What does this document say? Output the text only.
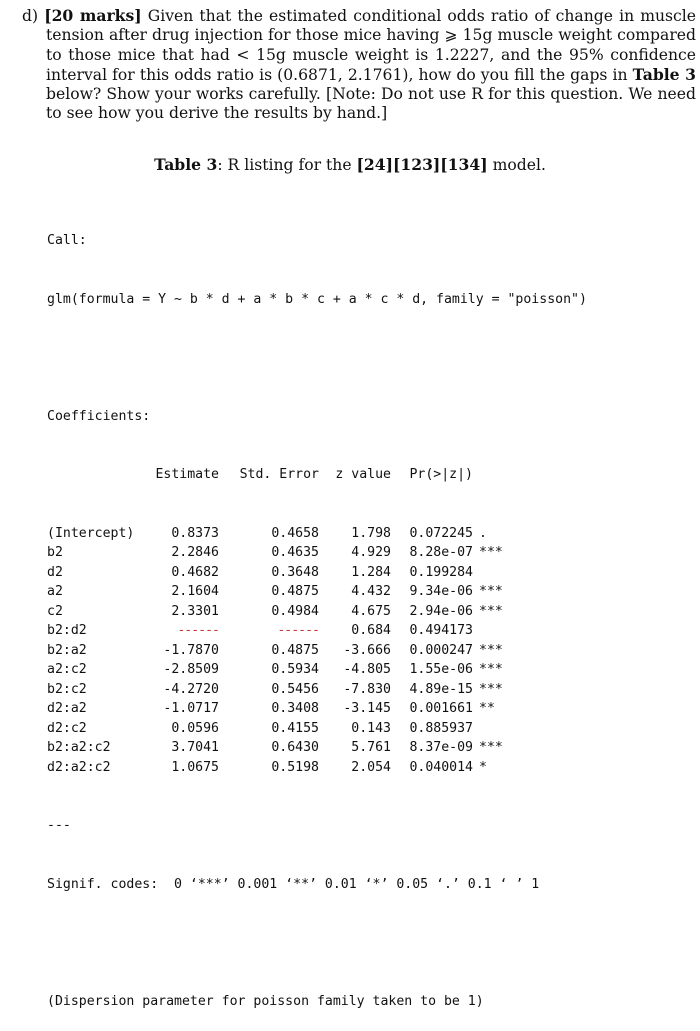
d) [20 marks] Given that the estimated conditional odds ratio of change in muscle tension after drug injection for those mice having ⩾ 15g muscle weight compared to those mice that had < 15g muscle weight is 1.2227, and the 95% confidence interval for this odds ratio is (0.6871, 2.1761), how do you fill the gaps in Table 3 below? Show your works carefully. [Note: Do not use R for this question. We need to see how you derive the results by hand.]
Table 3: R listing for the [24][123][134] model.

Call:

glm(formula = Y ~ b * d + a * b * c + a * c * d, family = "poisson")

Coefficients:

Estimate Std. Error z value Pr(>|z|)

(Intercept)	0.8373	0.4658 1.798 0.072245 .
b2	2.2846	0.4635 4.929 8.28e-07 ***
d2	0.4682	0.3648 1.284 0.199284
a2	2.1604	0.4875 4.432 9.34e-06 ***
c2	2.3301	0.4984 4.675 2.94e-06 ***
b2:d2	------	------ 0.684 0.494173
b2:a2	-1.7870	0.4875 -3.666 0.000247 ***
a2:c2	-2.8509	0.5934 -4.805 1.55e-06 ***
b2:c2	-4.2720	0.5456 -7.830 4.89e-15 ***
d2:a2	-1.0717	0.3408 -3.145 0.001661 **
d2:c2	0.0596	0.4155 0.143 0.885937
b2:a2:c2	3.7041	0.6430 5.761 8.37e-09 ***
d2:a2:c2	1.0675	0.5198 2.054 0.040014 *

---

Signif. codes:  0 ‘***’ 0.001 ‘**’ 0.01 ‘*’ 0.05 ‘.’ 0.1 ‘ ’ 1

(Dispersion parameter for poisson family taken to be 1)
